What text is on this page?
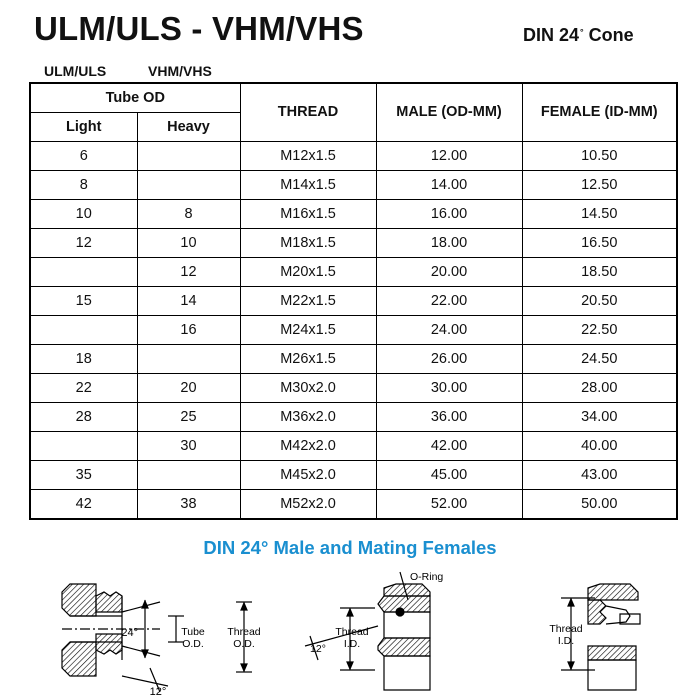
ULM/ULS - VHM/VHS	DIN 24° Cone
ULM/ULS	VHM/VHS
Tube OD		THREAD	MALE (OD-MM)	FEMALE (ID-MM)
Light	Heavy			
6		M12x1.5	12.00	10.50
8		M14x1.5	14.00	12.50
10	8	M16x1.5	16.00	14.50
12	10	M18x1.5	18.00	16.50
	12	M20x1.5	20.00	18.50
15	14	M22x1.5	22.00	20.50
	16	M24x1.5	24.00	22.50
18		M26x1.5	26.00	24.50
22	20	M30x2.0	30.00	28.00
28	25	M36x2.0	36.00	34.00
	30	M42x2.0	42.00	40.00
35		M45x2.0	45.00	43.00
42	38	M52x2.0	52.00	50.00
DIN 24° Male and Mating Females
24°
12°
Tube
O.D.
Thread
O.D.
O-Ring
Thread
I.D.
12°
Thread
I.D.
